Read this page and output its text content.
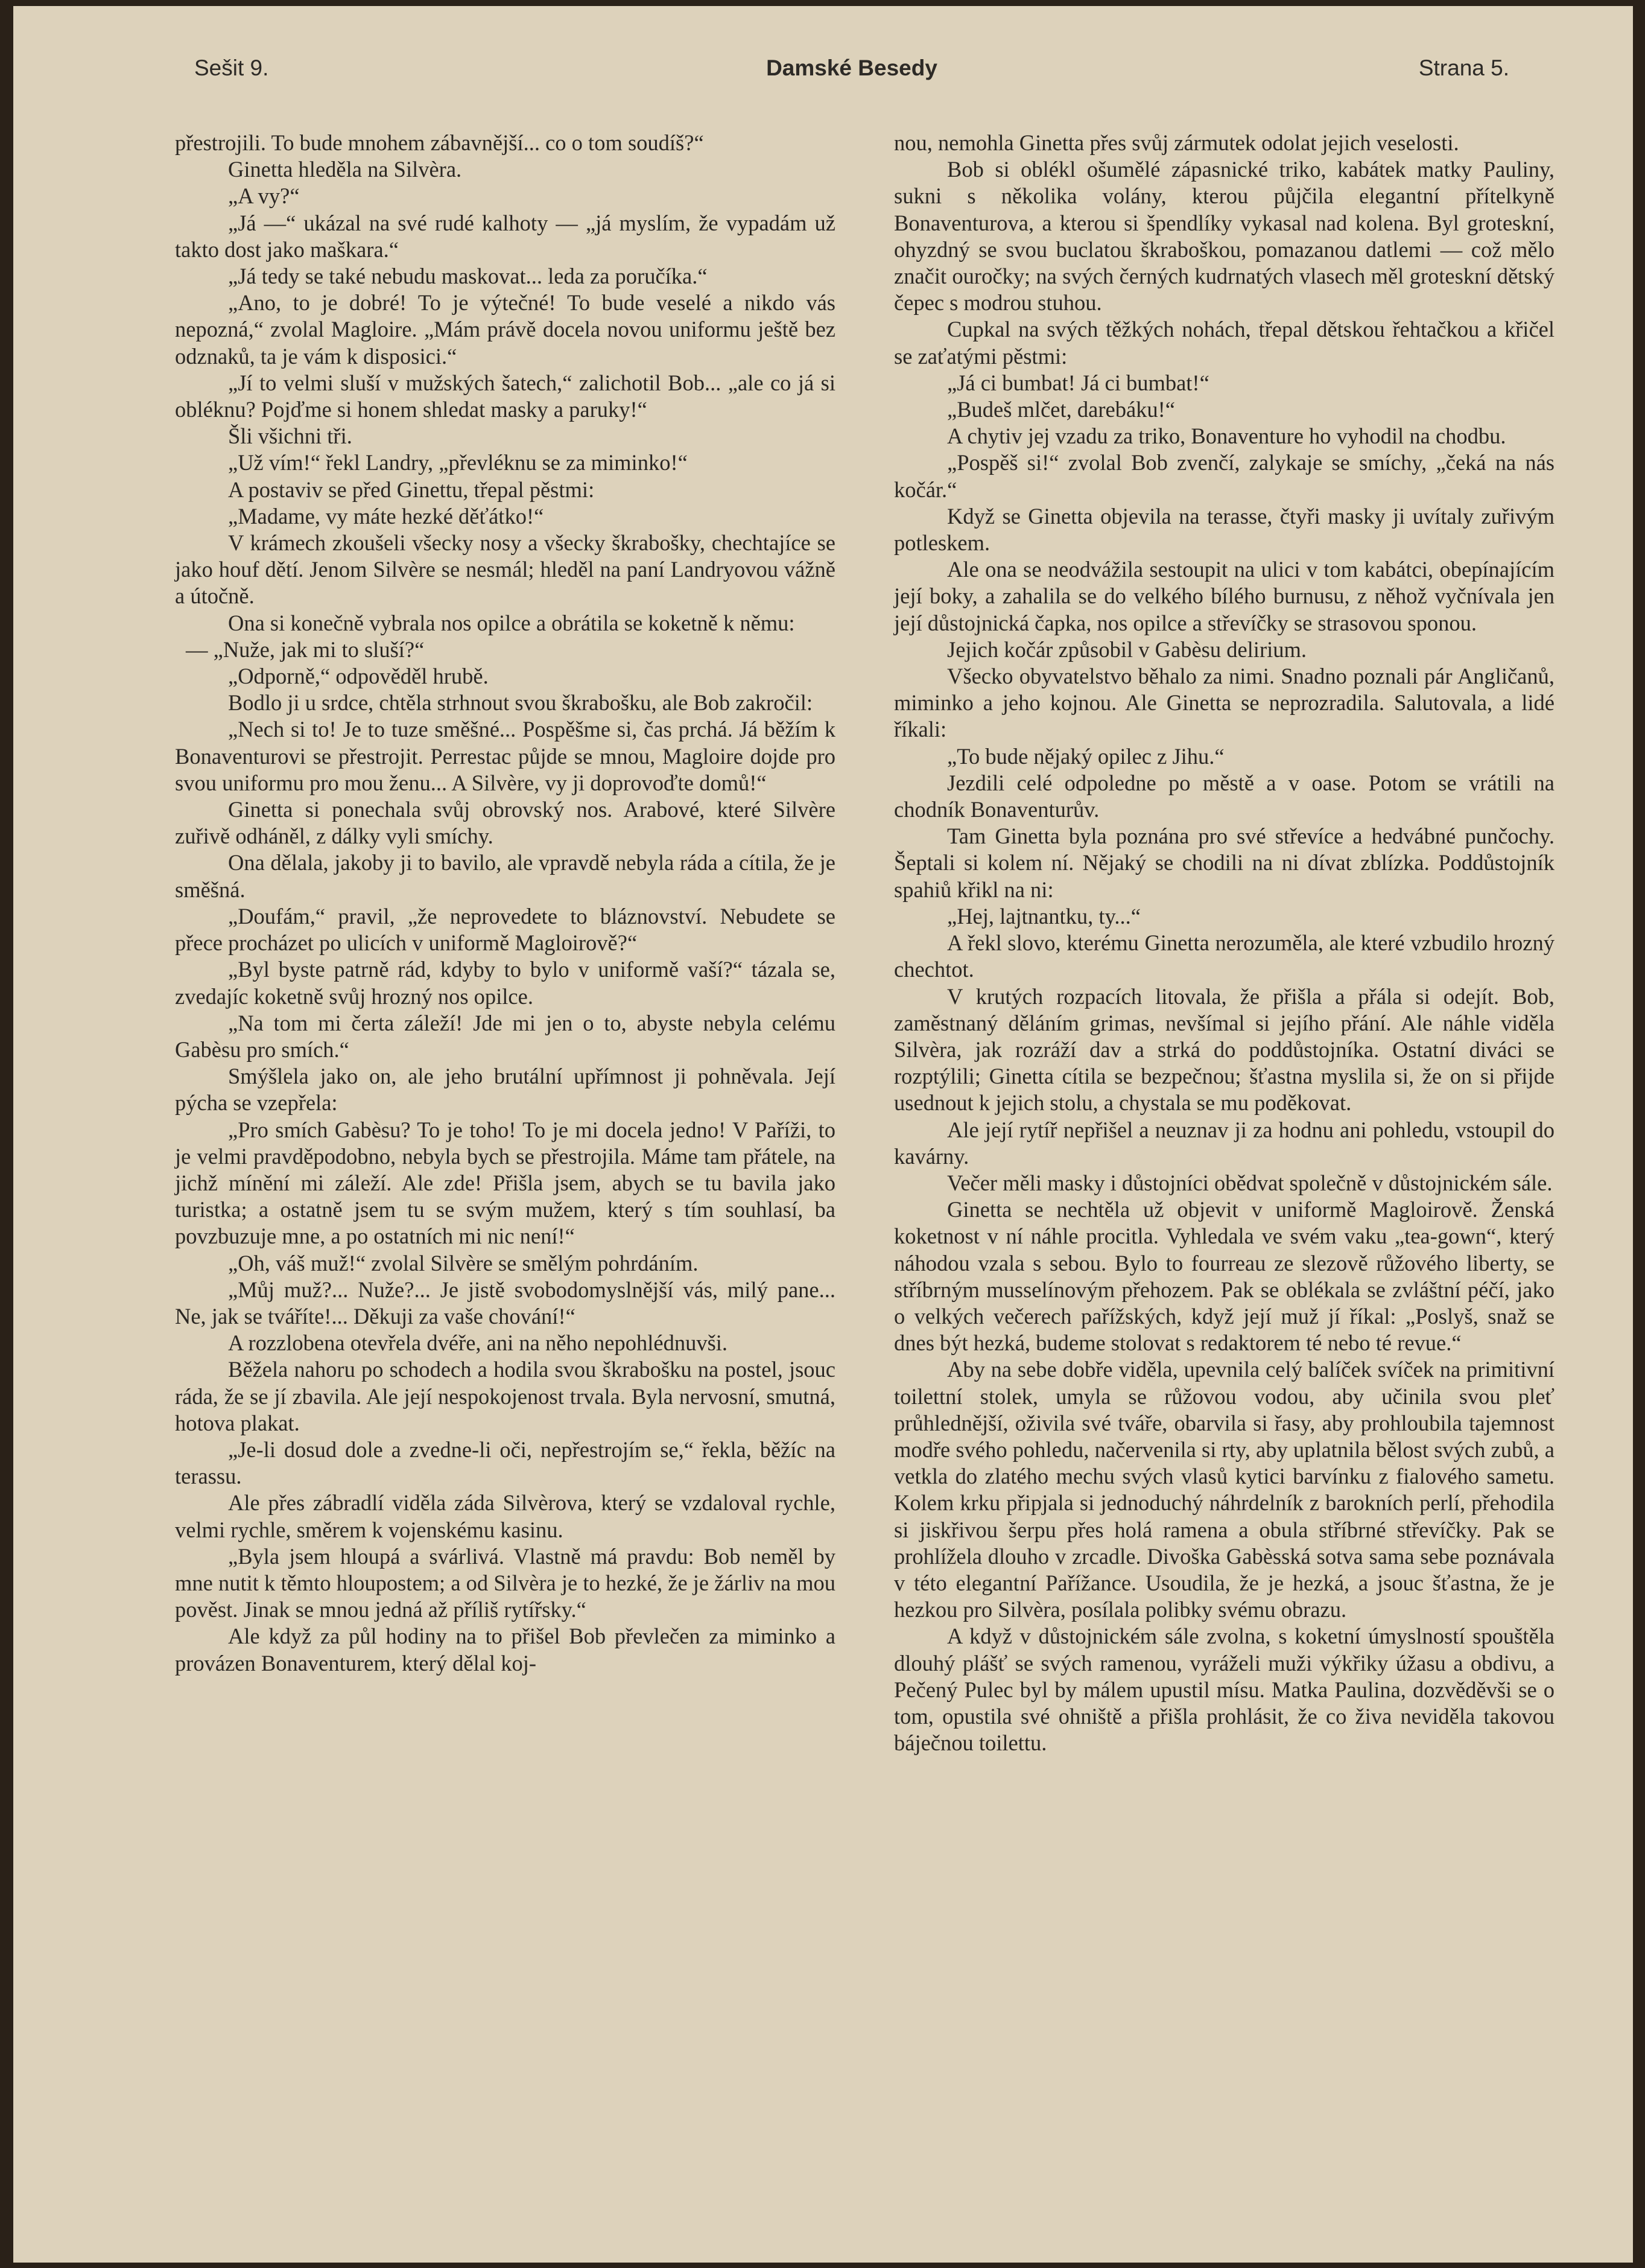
Sešit 9.	Damské Besedy	Strana 5.

přestrojili. To bude mnohem zábavnější... co o tom soudíš?“

Ginetta hleděla na Silvèra.

„A vy?“

„Já —“ ukázal na své rudé kalhoty — „já myslím, že vypadám už takto dost jako maškara.“

„Já tedy se také nebudu maskovat... leda za poručíka.“

„Ano, to je dobré! To je výtečné! To bude veselé a nikdo vás nepozná,“ zvolal Magloire. „Mám právě docela novou uniformu ještě bez odznaků, ta je vám k disposici.“

„Jí to velmi sluší v mužských šatech,“ zalichotil Bob... „ale co já si obléknu? Pojďme si honem shledat masky a paruky!“

Šli všichni tři.

„Už vím!“ řekl Landry, „převléknu se za miminko!“

A postaviv se před Ginettu, třepal pěstmi:

„Madame, vy máte hezké děťátko!“

V krámech zkoušeli všecky nosy a všecky škrabošky, chechtajíce se jako houf dětí. Jenom Silvère se nesmál; hleděl na paní Landryovou vážně a útočně.

Ona si konečně vybrala nos opilce a obrátila se koketně k němu:

— „Nuže, jak mi to sluší?“

„Odporně,“ odpověděl hrubě.

Bodlo ji u srdce, chtěla strhnout svou škrabošku, ale Bob zakročil:

„Nech si to! Je to tuze směšné... Pospěšme si, čas prchá. Já běžím k Bonaventurovi se přestrojit. Perrestac půjde se mnou, Magloire dojde pro svou uniformu pro mou ženu... A Silvère, vy ji doprovoďte domů!“

Ginetta si ponechala svůj obrovský nos. Arabové, které Silvère zuřivě odháněl, z dálky vyli smíchy.

Ona dělala, jakoby ji to bavilo, ale vpravdě nebyla ráda a cítila, že je směšná.

„Doufám,“ pravil, „že neprovedete to bláznovství. Nebudete se přece procházet po ulicích v uniformě Magloirově?“

„Byl byste patrně rád, kdyby to bylo v uniformě vaší?“ tázala se, zvedajíc koketně svůj hrozný nos opilce.

„Na tom mi čerta záleží! Jde mi jen o to, abyste nebyla celému Gabèsu pro smích.“

Smýšlela jako on, ale jeho brutální upřímnost ji pohněvala. Její pýcha se vzepřela:

„Pro smích Gabèsu? To je toho! To je mi docela jedno! V Paříži, to je velmi pravděpodobno, nebyla bych se přestrojila. Máme tam přátele, na jichž mínění mi záleží. Ale zde! Přišla jsem, abych se tu bavila jako turistka; a ostatně jsem tu se svým mužem, který s tím souhlasí, ba povzbuzuje mne, a po ostatních mi nic není!“

„Oh, váš muž!“ zvolal Silvère se smělým pohrdáním.

„Můj muž?... Nuže?... Je jistě svobodomyslnější vás, milý pane... Ne, jak se tváříte!... Děkuji za vaše chování!“

A rozzlobena otevřela dvéře, ani na něho nepohlédnuvši.

Běžela nahoru po schodech a hodila svou škrabošku na postel, jsouc ráda, že se jí zbavila. Ale její nespokojenost trvala. Byla nervosní, smutná, hotova plakat.

„Je-li dosud dole a zvedne-li oči, nepřestrojím se,“ řekla, běžíc na terassu.

Ale přes zábradlí viděla záda Silvèrova, který se vzdaloval rychle, velmi rychle, směrem k vojenskému kasinu.

„Byla jsem hloupá a svárlivá. Vlastně má pravdu: Bob neměl by mne nutit k těmto hloupostem; a od Silvèra je to hezké, že je žárliv na mou pověst. Jinak se mnou jedná až příliš rytířsky.“

Ale když za půl hodiny na to přišel Bob převlečen za miminko a provázen Bonaventurem, který dělal koj-

nou, nemohla Ginetta přes svůj zármutek odolat jejich veselosti.

Bob si oblékl ošumělé zápasnické triko, kabátek matky Pauliny, sukni s několika volány, kterou půjčila elegantní přítelkyně Bonaventurova, a kterou si špendlíky vykasal nad kolena. Byl groteskní, ohyzdný se svou buclatou škraboškou, pomazanou datlemi — což mělo značit ouročky; na svých černých kudrnatých vlasech měl groteskní dětský čepec s modrou stuhou.

Cupkal na svých těžkých nohách, třepal dětskou řehtačkou a křičel se zaťatými pěstmi:

„Já ci bumbat! Já ci bumbat!“

„Budeš mlčet, darebáku!“

A chytiv jej vzadu za triko, Bonaventure ho vyhodil na chodbu.

„Pospěš si!“ zvolal Bob zvenčí, zalykaje se smíchy, „čeká na nás kočár.“

Když se Ginetta objevila na terasse, čtyři masky ji uvítaly zuřivým potleskem.

Ale ona se neodvážila sestoupit na ulici v tom kabátci, obepínajícím její boky, a zahalila se do velkého bílého burnusu, z něhož vyčnívala jen její důstojnická čapka, nos opilce a střevíčky se strasovou sponou.

Jejich kočár způsobil v Gabèsu delirium.

Všecko obyvatelstvo běhalo za nimi. Snadno poznali pár Angličanů, miminko a jeho kojnou. Ale Ginetta se neprozradila. Salutovala, a lidé říkali:

„To bude nějaký opilec z Jihu.“

Jezdili celé odpoledne po městě a v oase. Potom se vrátili na chodník Bonaventurův.

Tam Ginetta byla poznána pro své střevíce a hedvábné punčochy. Šeptali si kolem ní. Nějaký se chodili na ni dívat zblízka. Poddůstojník spahiů křikl na ni:

„Hej, lajtnantku, ty...“

A řekl slovo, kterému Ginetta nerozuměla, ale které vzbudilo hrozný chechtot.

V krutých rozpacích litovala, že přišla a přála si odejít. Bob, zaměstnaný děláním grimas, nevšímal si jejího přání. Ale náhle viděla Silvèra, jak rozráží dav a strká do poddůstojníka. Ostatní diváci se rozptýlili; Ginetta cítila se bezpečnou; šťastna myslila si, že on si přijde usednout k jejich stolu, a chystala se mu poděkovat.

Ale její rytíř nepřišel a neuznav ji za hodnu ani pohledu, vstoupil do kavárny.

Večer měli masky i důstojníci obědvat společně v důstojnickém sále.

Ginetta se nechtěla už objevit v uniformě Magloirově. Ženská koketnost v ní náhle procitla. Vyhledala ve svém vaku „tea-gown“, který náhodou vzala s sebou. Bylo to fourreau ze slezově růžového liberty, se stříbrným musselínovým přehozem. Pak se oblékala se zvláštní péčí, jako o velkých večerech pařížských, když její muž jí říkal: „Poslyš, snaž se dnes být hezká, budeme stolovat s redaktorem té nebo té revue.“

Aby na sebe dobře viděla, upevnila celý balíček svíček na primitivní toilettní stolek, umyla se růžovou vodou, aby učinila svou pleť průhlednější, oživila své tváře, obarvila si řasy, aby prohloubila tajemnost modře svého pohledu, načervenila si rty, aby uplatnila bělost svých zubů, a vetkla do zlatého mechu svých vlasů kytici barvínku z fialového sametu. Kolem krku připjala si jednoduchý náhrdelník z barokních perlí, přehodila si jiskřivou šerpu přes holá ramena a obula stříbrné střevíčky. Pak se prohlížela dlouho v zrcadle. Divoška Gabèsská sotva sama sebe poznávala v této elegantní Pařížance. Usoudila, že je hezká, a jsouc šťastna, že je hezkou pro Silvèra, posílala polibky svému obrazu.

A když v důstojnickém sále zvolna, s koketní úmyslností spouštěla dlouhý plášť se svých ramenou, vyráželi muži výkřiky úžasu a obdivu, a Pečený Pulec byl by málem upustil mísu. Matka Paulina, dozvěděvši se o tom, opustila své ohniště a přišla prohlásit, že co živa neviděla takovou báječnou toilettu.
